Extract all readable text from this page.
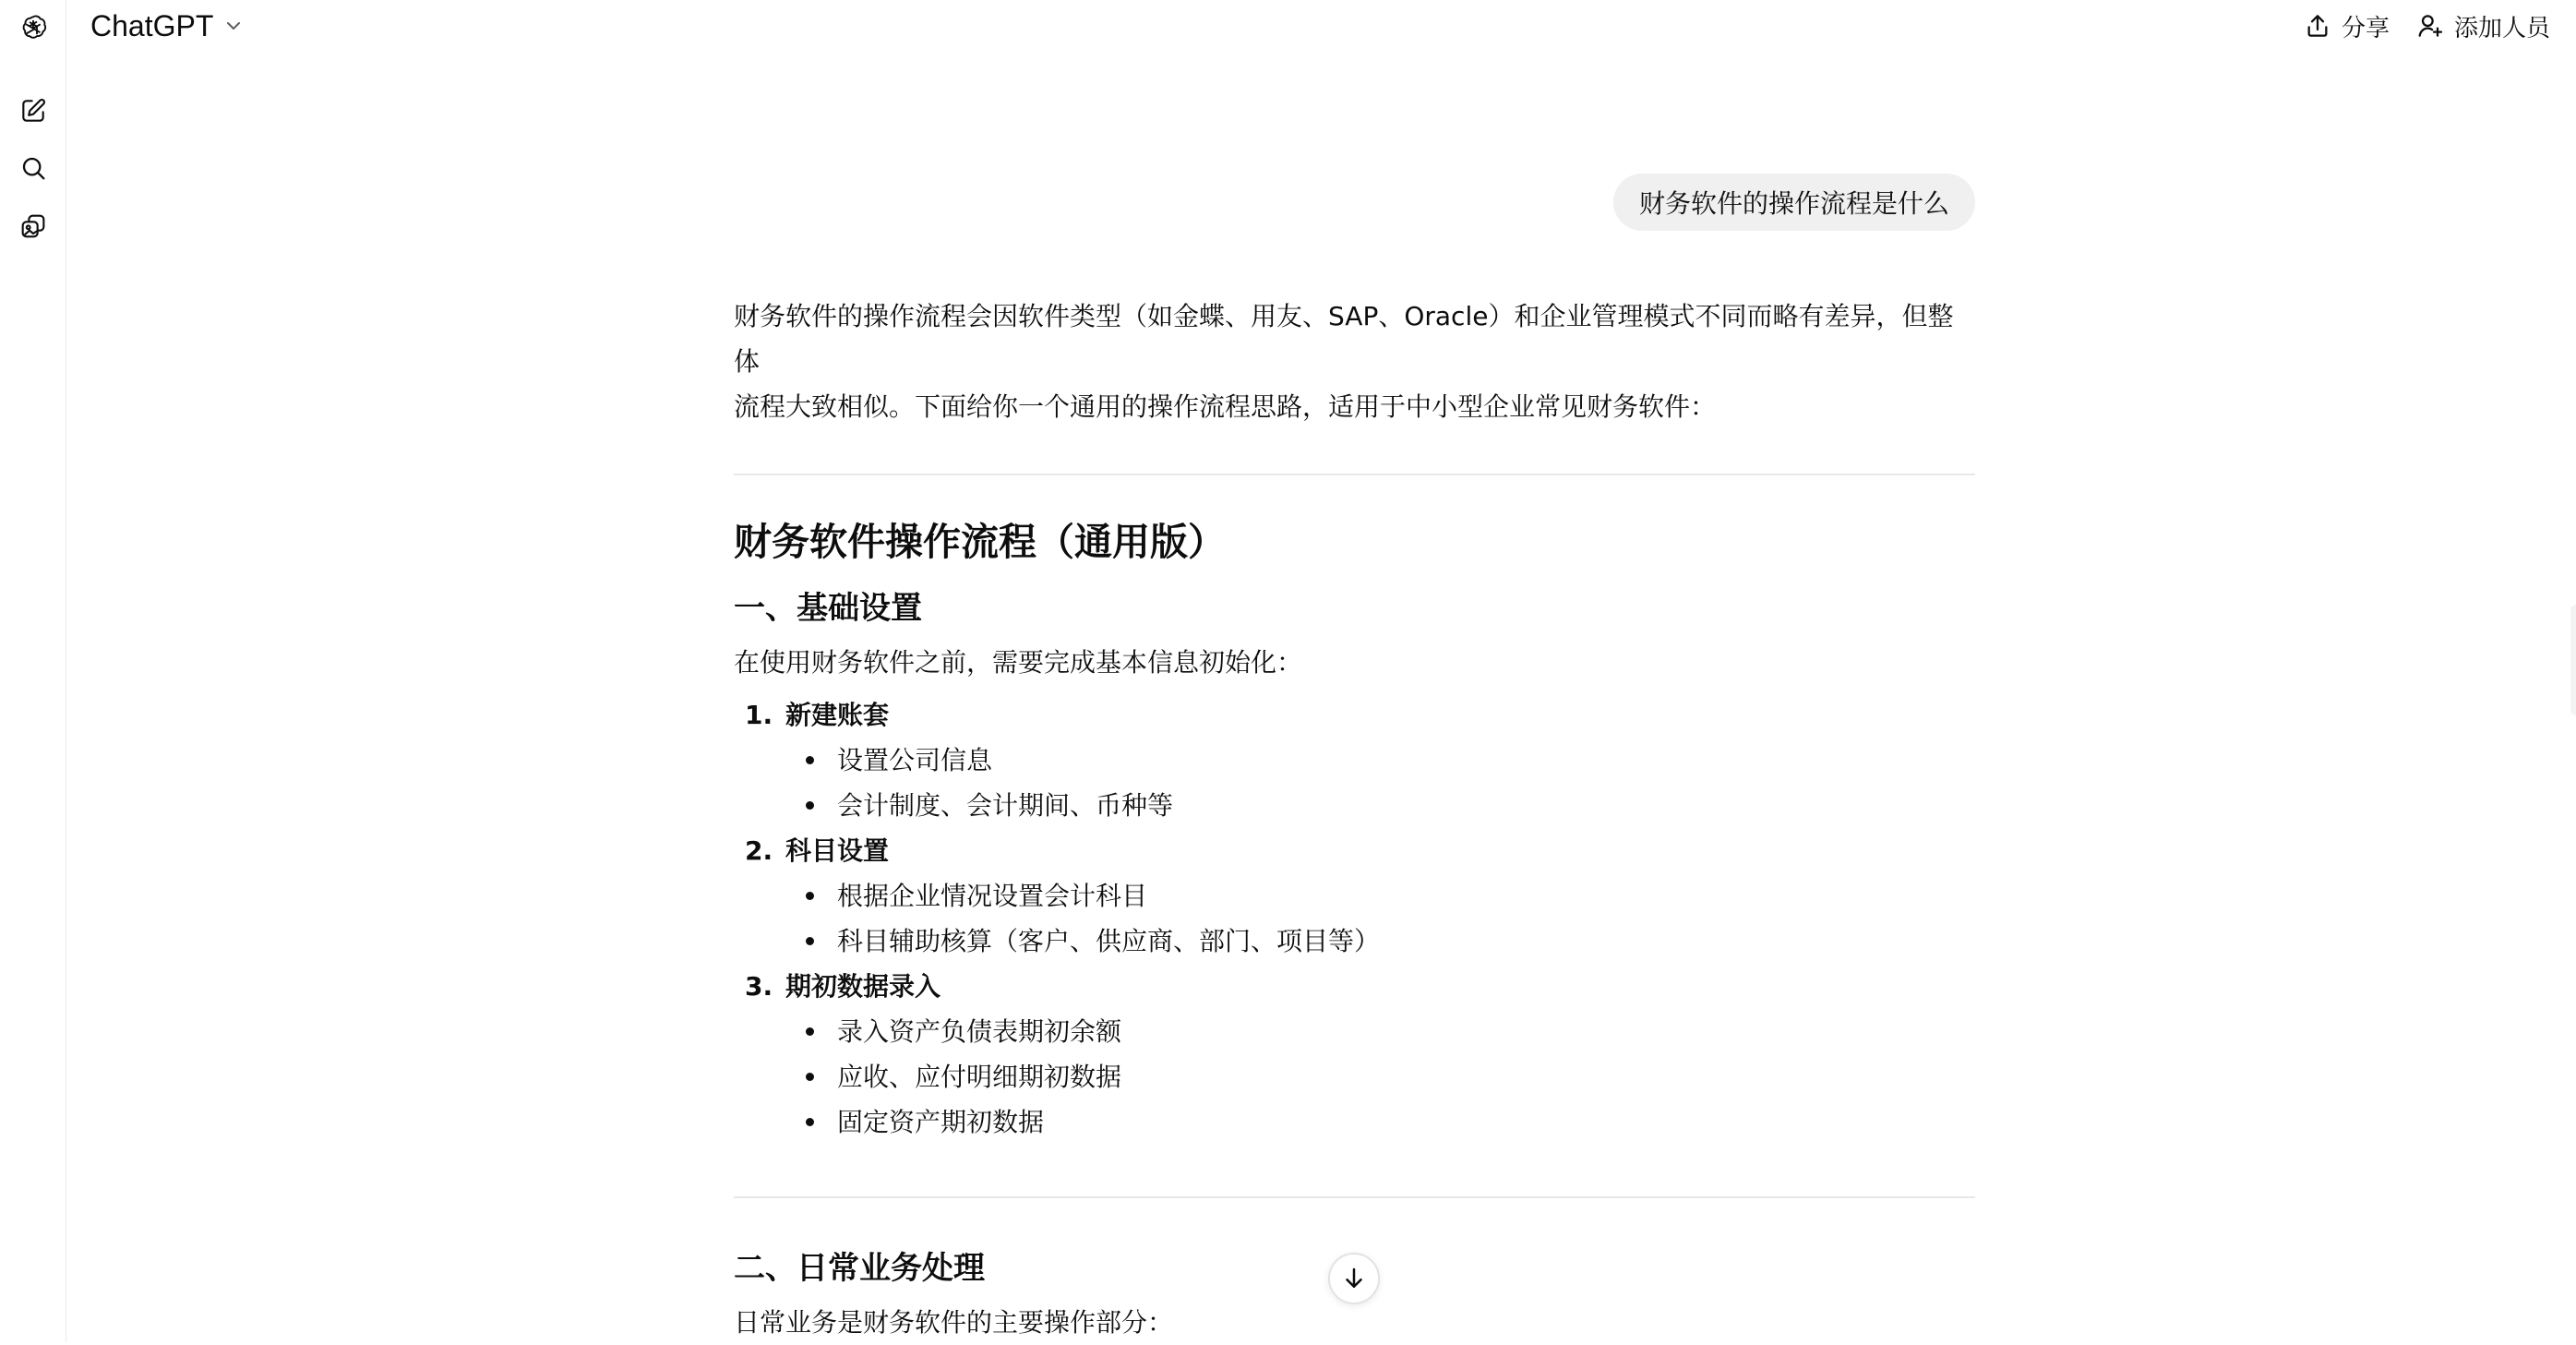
ChatGPT	分享	添加人员
财务软件的操作流程是什么

财务软件的操作流程会因软件类型（如金蝶、用友、SAP、Oracle）和企业管理模式不同而略有差异，但整体

流程大致相似。下面给你一个通用的操作流程思路，适用于中小型企业常见财务软件：

财务软件操作流程（通用版）
一、基础设置

在使用财务软件之前，需要完成基本信息初始化：

1. 新建账套
设置公司信息
会计制度、会计期间、币种等
2. 科目设置
根据企业情况设置会计科目
科目辅助核算（客户、供应商、部门、项目等）
3. 期初数据录入
录入资产负债表期初余额
应收、应付明细期初数据
固定资产期初数据
二、日常业务处理

日常业务是财务软件的主要操作部分：
